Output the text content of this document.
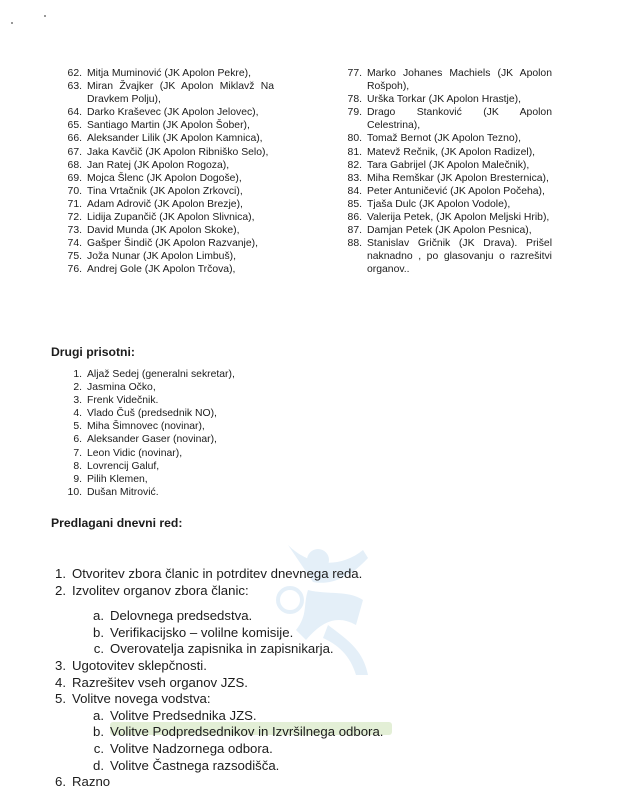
62. Mitja Muminović (JK Apolon Pekre),
63. Miran Žvajker (JK Apolon Miklavž Na Dravkem Polju),
64. Darko Kraševec (JK Apolon Jelovec),
65. Santiago Martin (JK Apolon Šober),
66. Aleksander Lilik (JK Apolon Kamnica),
67. Jaka Kavčič (JK Apolon Ribniško Selo),
68. Jan Ratej (JK Apolon Rogoza),
69. Mojca Šlenc (JK Apolon Dogoše),
70. Tina Vrtačnik (JK Apolon Zrkovci),
71. Adam Adrovič (JK Apolon Brezje),
72. Lidija Zupančič (JK Apolon Slivnica),
73. David Munda (JK Apolon Skoke),
74. Gašper Šindič (JK Apolon Razvanje),
75. Joža Nunar (JK Apolon Limbuš),
76. Andrej Gole (JK Apolon Trčova),
77. Marko Johanes Machiels (JK Apolon Rošpoh),
78. Urška Torkar (JK Apolon Hrastje),
79. Drago Stanković (JK Apolon Celestrina),
80. Tomaž Bernot (JK Apolon Tezno),
81. Matevž Rečnik, (JK Apolon Radizel),
82. Tara Gabrijel (JK Apolon Malečnik),
83. Miha Remškar (JK Apolon Bresternica),
84. Peter Antuničević (JK Apolon Počeha),
85. Tjaša Dulc (JK Apolon Vodole),
86. Valerija Petek, (JK Apolon Meljski Hrib),
87. Damjan Petek (JK Apolon Pesnica),
88. Stanislav Gričnik (JK Drava). Prišel naknadno , po glasovanju o razrešitvi organov..
Drugi prisotni:
1. Aljaž Sedej (generalni sekretar),
2. Jasmina Očko,
3. Frenk Videčnik.
4. Vlado Čuš (predsednik NO),
5. Miha Šimnovec (novinar),
6. Aleksander Gaser (novinar),
7. Leon Vidic (novinar),
8. Lovrencij Galuf,
9. Pilih Klemen,
10. Dušan Mitrović.
Predlagani dnevni red:
1. Otvoritev zbora članic in potrditev dnevnega reda.
2. Izvolitev organov zbora članic:
a. Delovnega predsedstva.
b. Verifikacijsko – volilne komisije.
c. Overovatelja zapisnika in zapisnikarja.
3. Ugotovitev sklepčnosti.
4. Razrešitev vseh organov JZS.
5. Volitve novega vodstva:
a. Volitve Predsednika JZS.
b. Volitve Podpredsednikov in Izvršilnega odbora.
c. Volitve Nadzornega odbora.
d. Volitve Častnega razsodišča.
6. Razno
